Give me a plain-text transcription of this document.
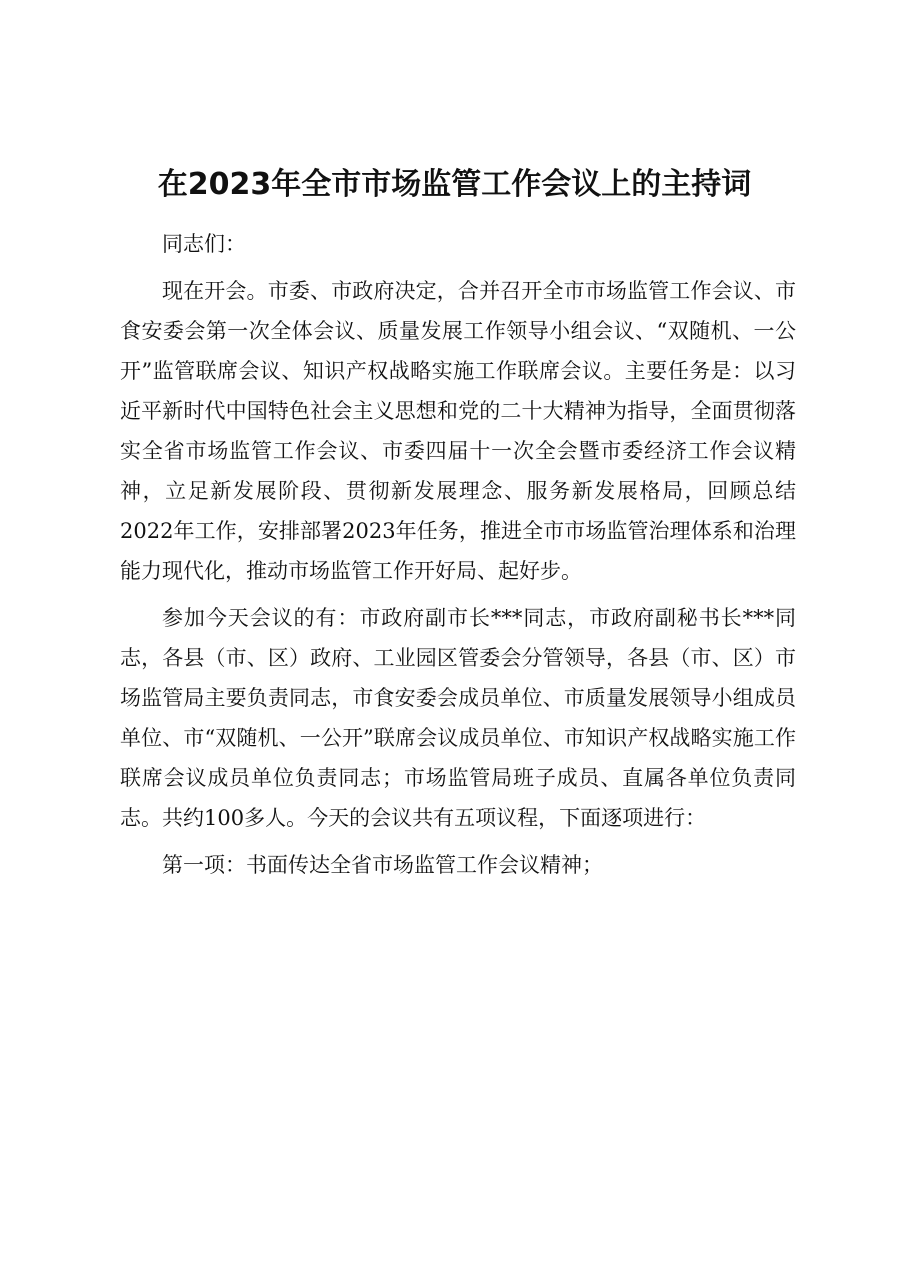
在2023年全市市场监管工作会议上的主持词

同志们：

现在开会。市委、市政府决定，合并召开全市市场监管工作会议、市食安委会第一次全体会议、质量发展工作领导小组会议、“双随机、一公开”监管联席会议、知识产权战略实施工作联席会议。主要任务是：以习近平新时代中国特色社会主义思想和党的二十大精神为指导，全面贯彻落实全省市场监管工作会议、市委四届十一次全会暨市委经济工作会议精神，立足新发展阶段、贯彻新发展理念、服务新发展格局，回顾总结2022年工作，安排部署2023年任务，推进全市市场监管治理体系和治理能力现代化，推动市场监管工作开好局、起好步。

参加今天会议的有：市政府副市长***同志，市政府副秘书长***同志，各县（市、区）政府、工业园区管委会分管领导，各县（市、区）市场监管局主要负责同志，市食安委会成员单位、市质量发展领导小组成员单位、市“双随机、一公开”联席会议成员单位、市知识产权战略实施工作联席会议成员单位负责同志；市场监管局班子成员、直属各单位负责同志。共约100多人。今天的会议共有五项议程，下面逐项进行：

第一项：书面传达全省市场监管工作会议精神；
